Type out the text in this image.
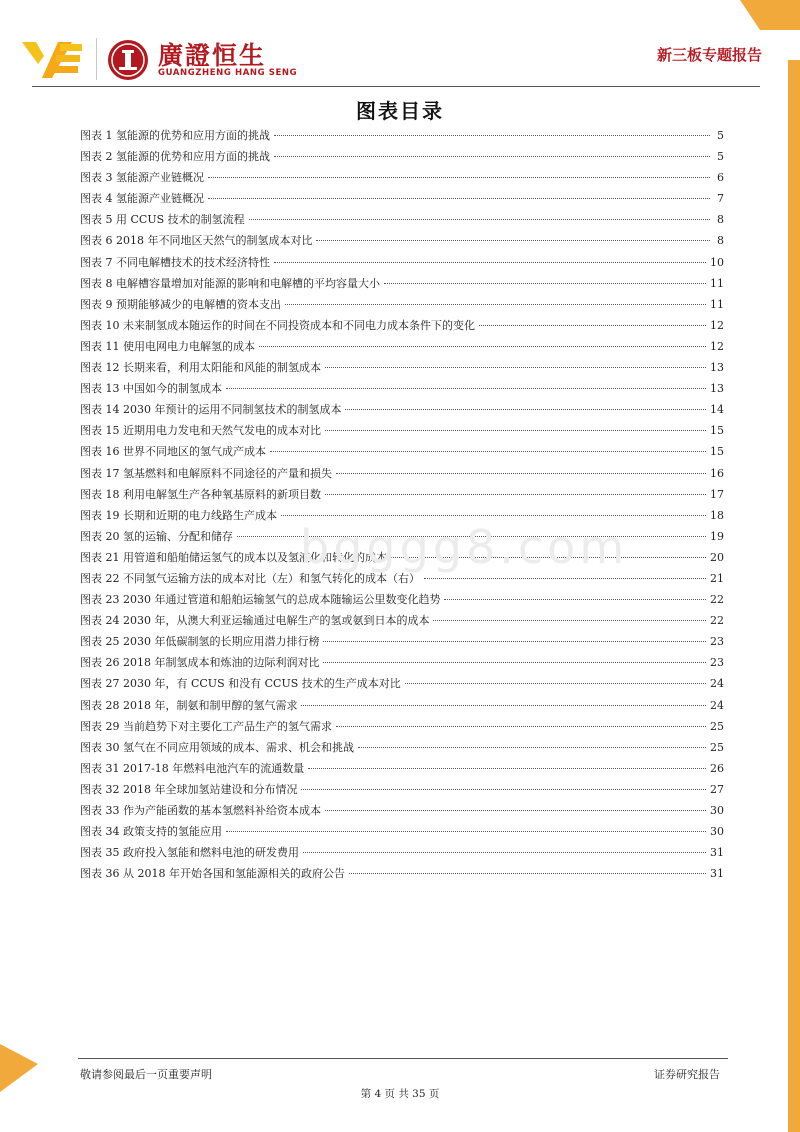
廣證恒生
GUANGZHENG HANG SENG
新三板专题报告
图表目录
图表 1 氢能源的优势和应用方面的挑战	5
图表 2 氢能源的优势和应用方面的挑战	5
图表 3 氢能源产业链概况	6
图表 4 氢能源产业链概况	7
图表 5 用 CCUS 技术的制氢流程	8
图表 6 2018 年不同地区天然气的制氢成本对比	8
图表 7 不同电解槽技术的技术经济特性	10
图表 8 电解槽容量增加对能源的影响和电解槽的平均容量大小	11
图表 9 预期能够减少的电解槽的资本支出	11
图表 10 未来制氢成本随运作的时间在不同投资成本和不同电力成本条件下的变化	12
图表 11 使用电网电力电解氢的成本	12
图表 12 长期来看，利用太阳能和风能的制氢成本	13
图表 13 中国如今的制氢成本	13
图表 14 2030 年预计的运用不同制氢技术的制氢成本	14
图表 15 近期用电力发电和天然气发电的成本对比	15
图表 16 世界不同地区的氢气成产成本	15
图表 17 氢基燃料和电解原料不同途径的产量和损失	16
图表 18 利用电解氢生产各种氧基原料的新项目数	17
图表 19 长期和近期的电力线路生产成本	18
图表 20 氢的运输、分配和储存	19
图表 21 用管道和船舶储运氢气的成本以及氢液化和转化的成本	20
图表 22 不同氢气运输方法的成本对比（左）和氢气转化的成本（右）	21
图表 23 2030 年通过管道和船舶运输氢气的总成本随输运公里数变化趋势	22
图表 24 2030 年，从澳大利亚运输通过电解生产的氢或氨到日本的成本	22
图表 25 2030 年低碳制氢的长期应用潜力排行榜	23
图表 26 2018 年制氢成本和炼油的边际利润对比	23
图表 27 2030 年，有 CCUS 和没有 CCUS 技术的生产成本对比	24
图表 28 2018 年，制氨和制甲醇的氢气需求	24
图表 29 当前趋势下对主要化工产品生产的氢气需求	25
图表 30 氢气在不同应用领域的成本、需求、机会和挑战	25
图表 31 2017-18 年燃料电池汽车的流通数量	26
图表 32 2018 年全球加氢站建设和分布情况	27
图表 33 作为产能函数的基本氢燃料补给资本成本	30
图表 34 政策支持的氢能应用	30
图表 35 政府投入氢能和燃料电池的研发费用	31
图表 36 从 2018 年开始各国和氢能源相关的政府公告	31
bgggg8.com
敬请参阅最后一页重要声明	证券研究报告
第 4 页 共 35 页
